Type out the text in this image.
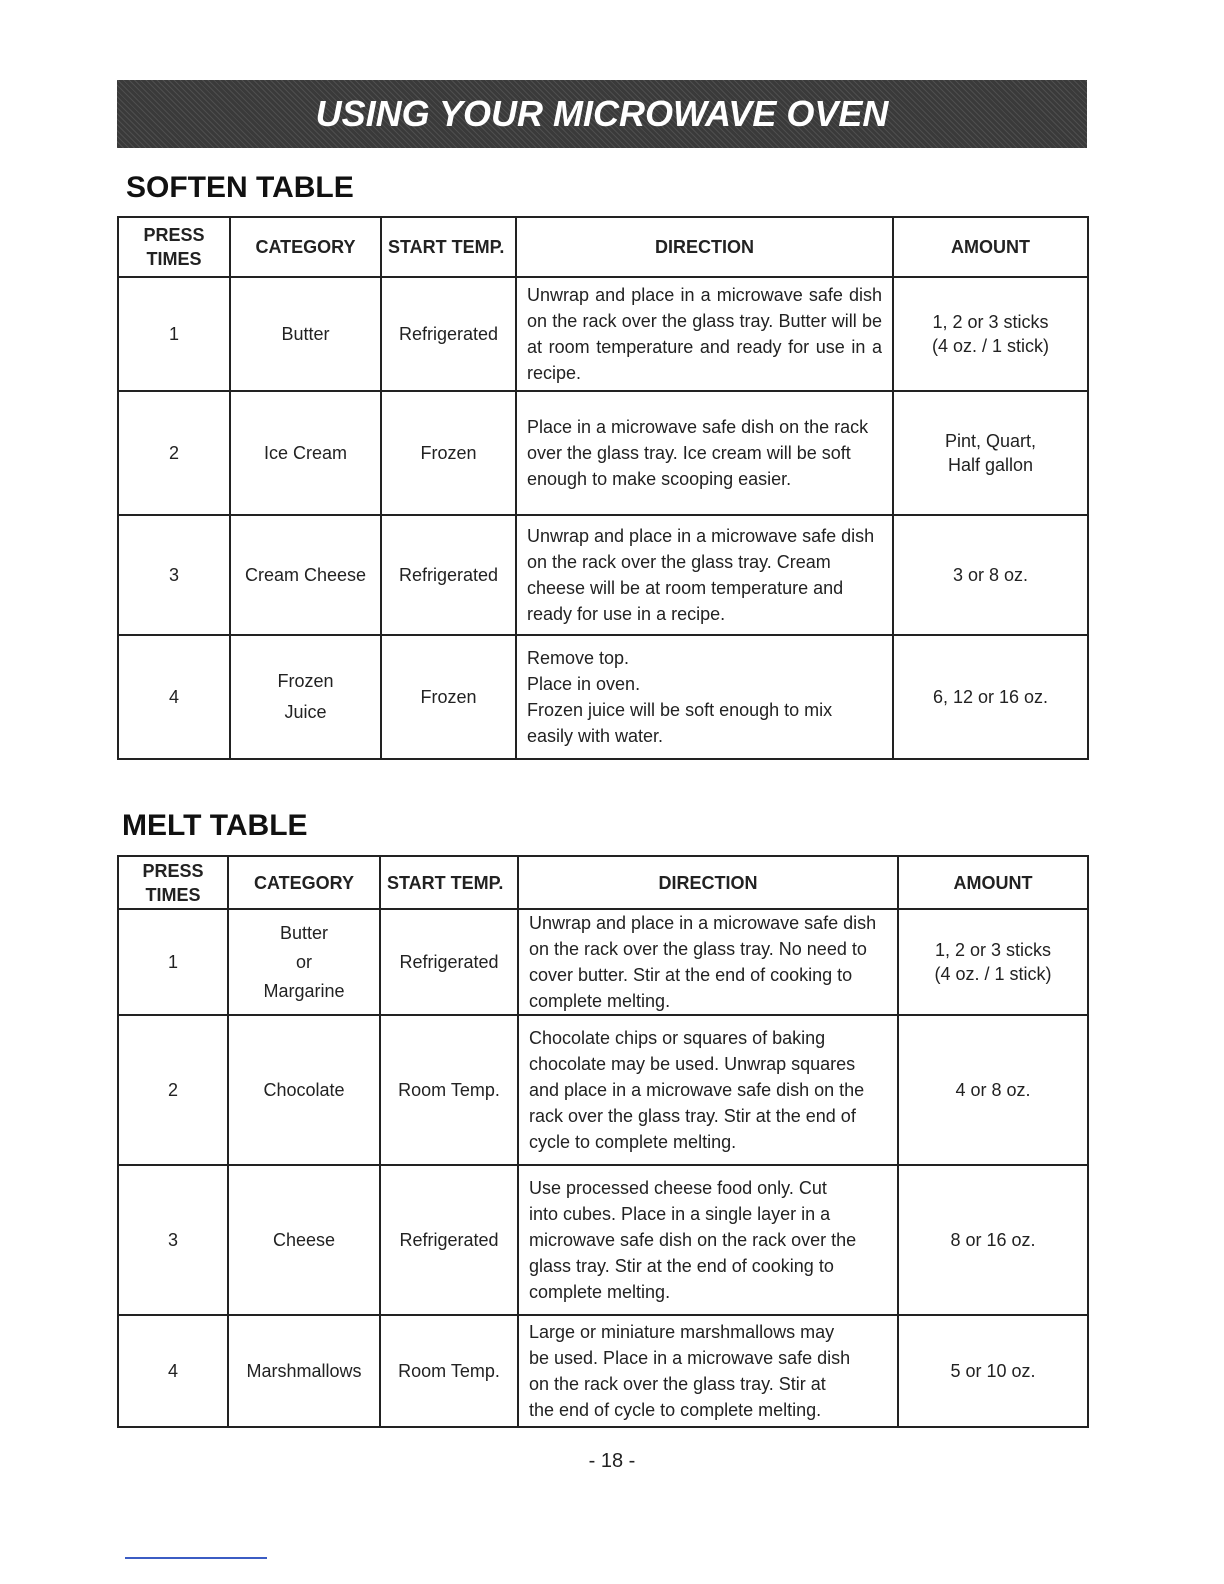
USING YOUR MICROWAVE OVEN
SOFTEN TABLE
PRESS
TIMES	CATEGORY	START TEMP.	DIRECTION	AMOUNT
1	Butter	Refrigerated	Unwrap and place in a microwave safe dish on the rack over the glass tray. Butter will be at room temperature and ready for use in a recipe.	1, 2 or 3 sticks
(4 oz. / 1 stick)

2	Ice Cream	Frozen	Place in a microwave safe dish on the rack
over the glass tray. Ice cream will be soft
enough to make scooping easier.	Pint, Quart,
Half gallon

3	Cream Cheese	Refrigerated	Unwrap and place in a microwave safe dish
on the rack over the glass tray. Cream
cheese will be at room temperature and
ready for use in a recipe.	3 or 8 oz.

4	Frozen
Juice	Frozen	Remove top.
Place in oven.
Frozen juice will be soft enough to mix
easily with water.	6, 12 or 16 oz.
MELT TABLE
PRESS
TIMES	CATEGORY	START TEMP.	DIRECTION	AMOUNT
1	Butter
or
Margarine	Refrigerated	Unwrap and place in a microwave safe dish
on the rack over the glass tray. No need to
cover butter. Stir at the end of cooking to
complete melting.	1, 2 or 3 sticks
(4 oz. / 1 stick)

2	Chocolate	Room Temp.	Chocolate chips or squares of baking
chocolate may be used. Unwrap squares
and place in a microwave safe dish on the
rack over the glass tray. Stir at the end of
cycle to complete melting.	4 or 8 oz.

3	Cheese	Refrigerated	Use processed cheese food only. Cut
into cubes. Place in a single layer in a
microwave safe dish on the rack over the
glass tray. Stir at the end of cooking to
complete melting.	8 or 16 oz.

4	Marshmallows	Room Temp.	Large or miniature marshmallows may
be used. Place in a microwave safe dish
on the rack over the glass tray. Stir at
the end of cycle to complete melting.	5 or 10 oz.
- 18 -
